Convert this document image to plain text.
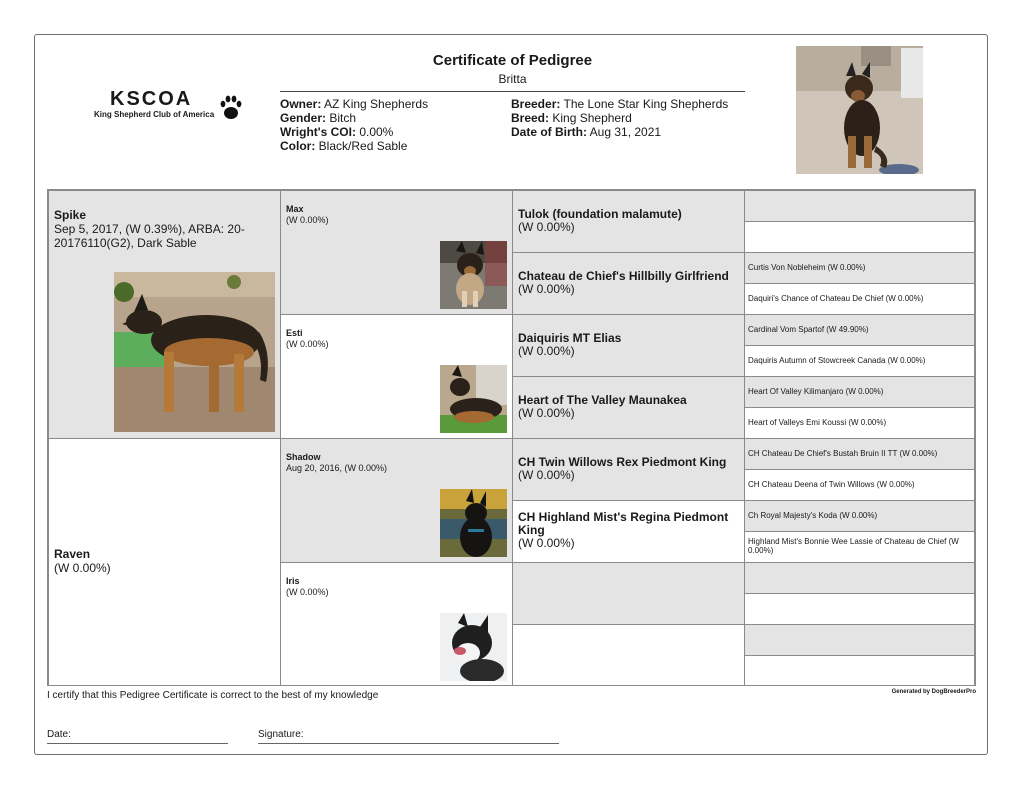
KSCOA
King Shepherd Club of America
Certificate of Pedigree
Britta
Owner: AZ King Shepherds
Gender: Bitch
Wright's COI: 0.00%
Color: Black/Red Sable
Breeder: The Lone Star King Shepherds
Breed: King Shepherd
Date of Birth: Aug 31, 2021
Spike
Sep 5, 2017, (W 0.39%), ARBA: 20-20176110(G2), Dark Sable
Raven
(W 0.00%)
Max
(W 0.00%)
Esti
(W 0.00%)
Shadow
Aug 20, 2016, (W 0.00%)
Iris
(W 0.00%)
Tulok (foundation malamute)
(W 0.00%)
Chateau de Chief's Hillbilly Girlfriend
(W 0.00%)
Daiquiris MT Elias
(W 0.00%)
Heart of The Valley Maunakea
(W 0.00%)
CH Twin Willows Rex Piedmont King
(W 0.00%)
CH Highland Mist's Regina Piedmont King
(W 0.00%)
Curtis Von Nobleheim (W 0.00%)
Daquiri's Chance of Chateau De Chief (W 0.00%)
Cardinal Vom Spartof (W 49.90%)
Daquiris Autumn of Stowcreek Canada (W 0.00%)
Heart Of Valley Kilimanjaro (W 0.00%)
Heart of Valleys Emi Koussi (W 0.00%)
CH Chateau De Chief's Bustah Bruin II TT (W 0.00%)
CH Chateau Deena of Twin Willows (W 0.00%)
Ch Royal Majesty's Koda (W 0.00%)
Highland Mist's Bonnie Wee Lassie of Chateau de Chief (W 0.00%)
I certify that this Pedigree Certificate is correct to the best of my knowledge	Generated by DogBreederPro
Date:	Signature:
